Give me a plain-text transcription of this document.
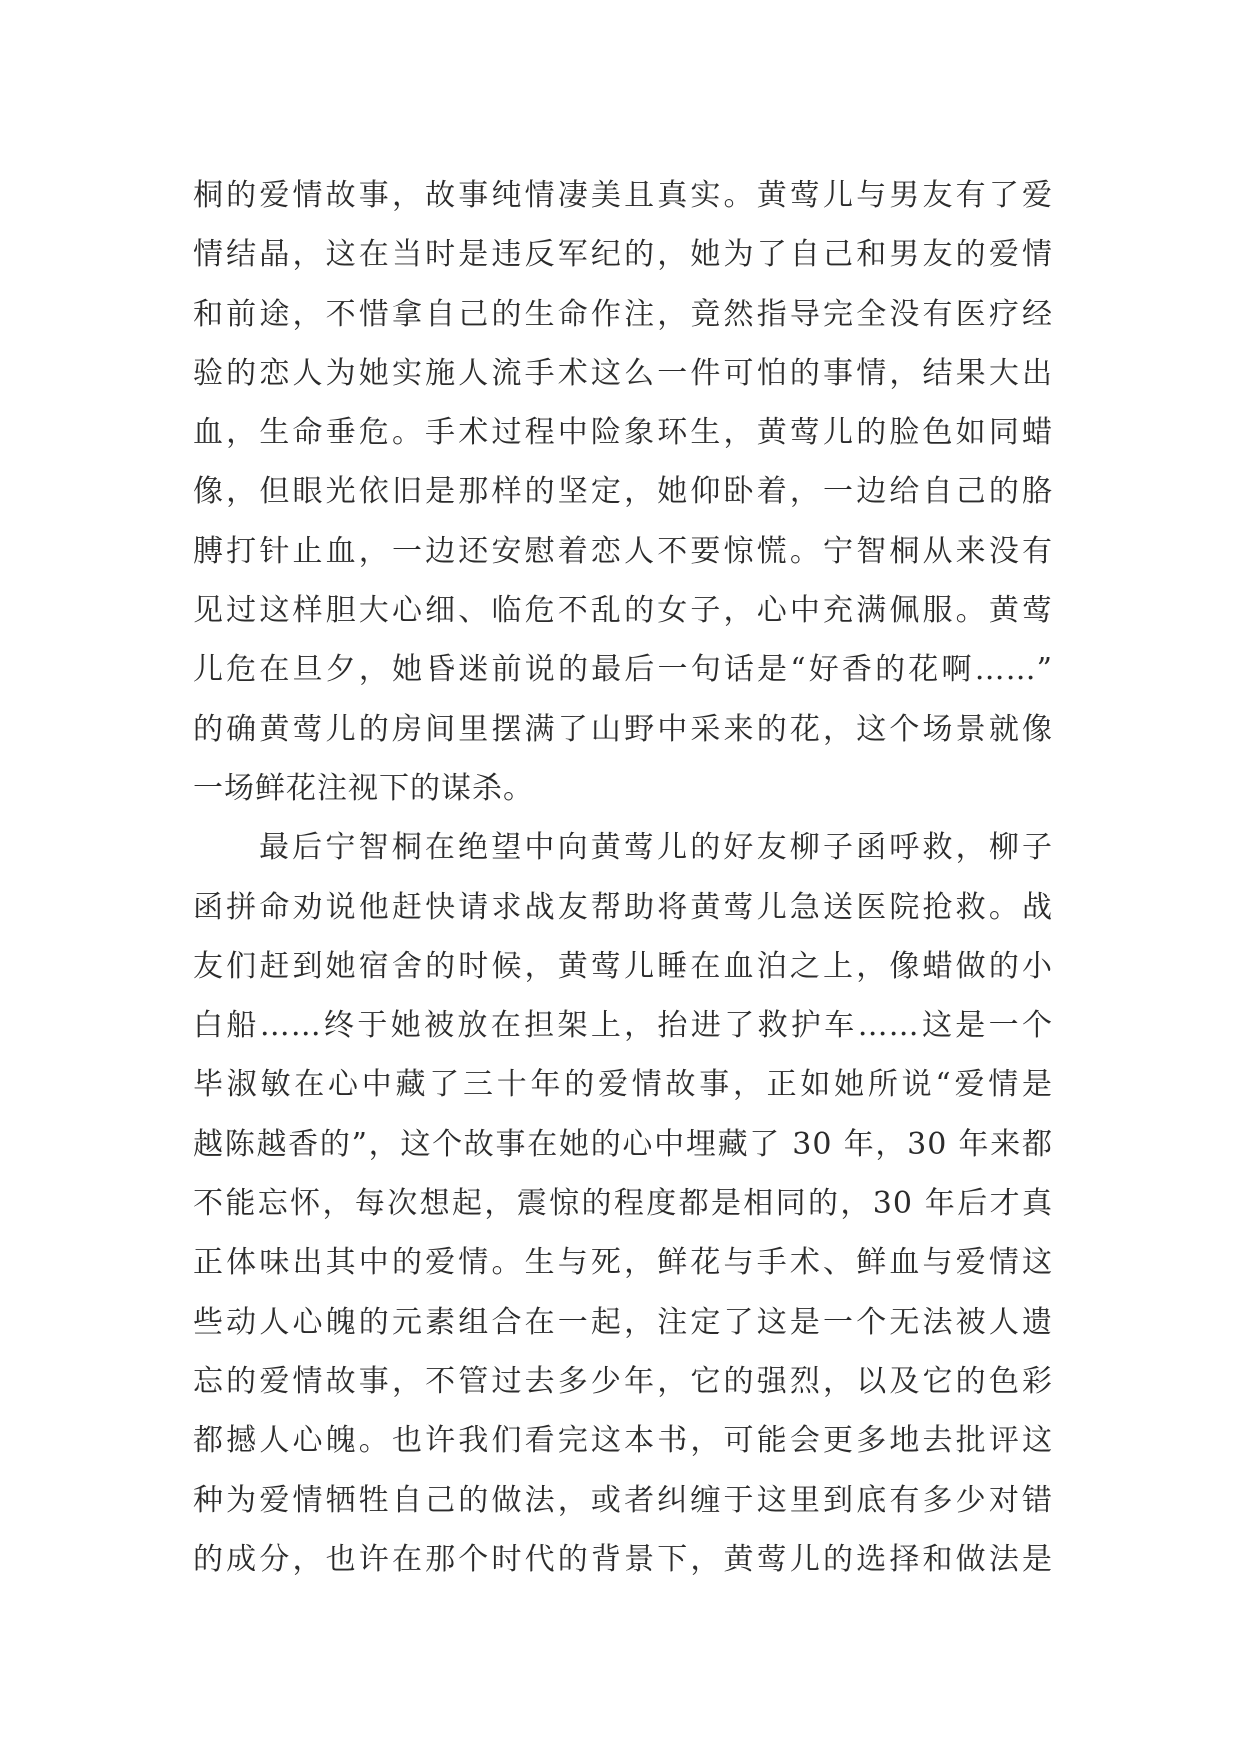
桐的爱情故事，故事纯情凄美且真实。黄莺儿与男友有了爱
情结晶，这在当时是违反军纪的，她为了自己和男友的爱情
和前途，不惜拿自己的生命作注，竟然指导完全没有医疗经
验的恋人为她实施人流手术这么一件可怕的事情，结果大出
血，生命垂危。手术过程中险象环生，黄莺儿的脸色如同蜡
像，但眼光依旧是那样的坚定，她仰卧着，一边给自己的胳
膊打针止血，一边还安慰着恋人不要惊慌。宁智桐从来没有
见过这样胆大心细、临危不乱的女子，心中充满佩服。黄莺
儿危在旦夕，她昏迷前说的最后一句话是“好香的花啊……”
的确黄莺儿的房间里摆满了山野中采来的花，这个场景就像
一场鲜花注视下的谋杀。
最后宁智桐在绝望中向黄莺儿的好友柳子函呼救，柳子
函拼命劝说他赶快请求战友帮助将黄莺儿急送医院抢救。战
友们赶到她宿舍的时候，黄莺儿睡在血泊之上，像蜡做的小
白船……终于她被放在担架上，抬进了救护车……这是一个
毕淑敏在心中藏了三十年的爱情故事，正如她所说“爱情是
越陈越香的”，这个故事在她的心中埋藏了 30 年，30 年来都
不能忘怀，每次想起，震惊的程度都是相同的，30 年后才真
正体味出其中的爱情。生与死，鲜花与手术、鲜血与爱情这
些动人心魄的元素组合在一起，注定了这是一个无法被人遗
忘的爱情故事，不管过去多少年，它的强烈，以及它的色彩
都撼人心魄。也许我们看完这本书，可能会更多地去批评这
种为爱情牺牲自己的做法，或者纠缠于这里到底有多少对错
的成分，也许在那个时代的背景下，黄莺儿的选择和做法是
